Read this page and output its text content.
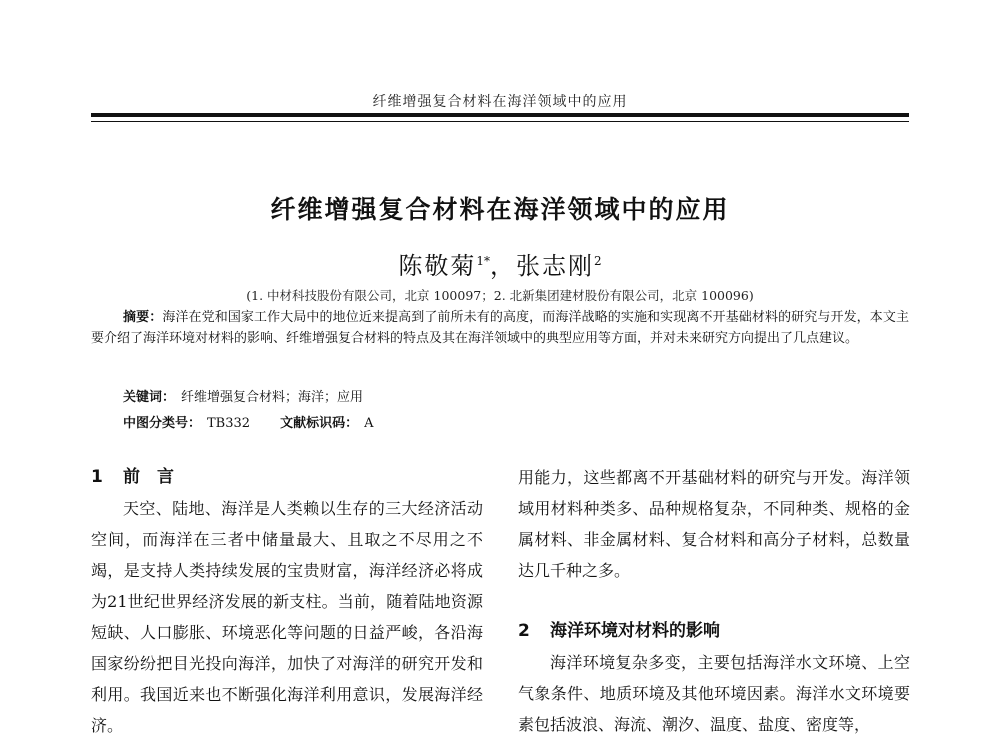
纤维增强复合材料在海洋领域中的应用
纤维增强复合材料在海洋领域中的应用
陈敬菊$^{1*}$，张志刚$^2$
(1. 中材科技股份有限公司，北京 100097；2. 北新集团建材股份有限公司，北京 100096)

摘要：海洋在党和国家工作大局中的地位近来提高到了前所未有的高度，而海洋战略的实施和实现离不开基础材料的研究与开发，本文主要介绍了海洋环境对材料的影响、纤维增强复合材料的特点及其在海洋领域中的典型应用等方面，并对未来研究方向提出了几点建议。

关键词： 纤维增强复合材料；海洋；应用
中图分类号： TB332 文献标识码： A
1 前　言

天空、陆地、海洋是人类赖以生存的三大经济活动空间，而海洋在三者中储量最大、且取之不尽用之不竭，是支持人类持续发展的宝贵财富，海洋经济必将成为21世纪世界经济发展的新支柱。当前，随着陆地资源短缺、人口膨胀、环境恶化等问题的日益严峻，各沿海国家纷纷把目光投向海洋，加快了对海洋的研究开发和利用。我国近来也不断强化海洋利用意识，发展海洋经济。

用能力，这些都离不开基础材料的研究与开发。海洋领域用材料种类多、品种规格复杂，不同种类、规格的金属材料、非金属材料、复合材料和高分子材料，总数量达几千种之多。

2 海洋环境对材料的影响

海洋环境复杂多变，主要包括海洋水文环境、上空气象条件、地质环境及其他环境因素。海洋水文环境要素包括波浪、海流、潮汐、温度、盐度、密度等，
